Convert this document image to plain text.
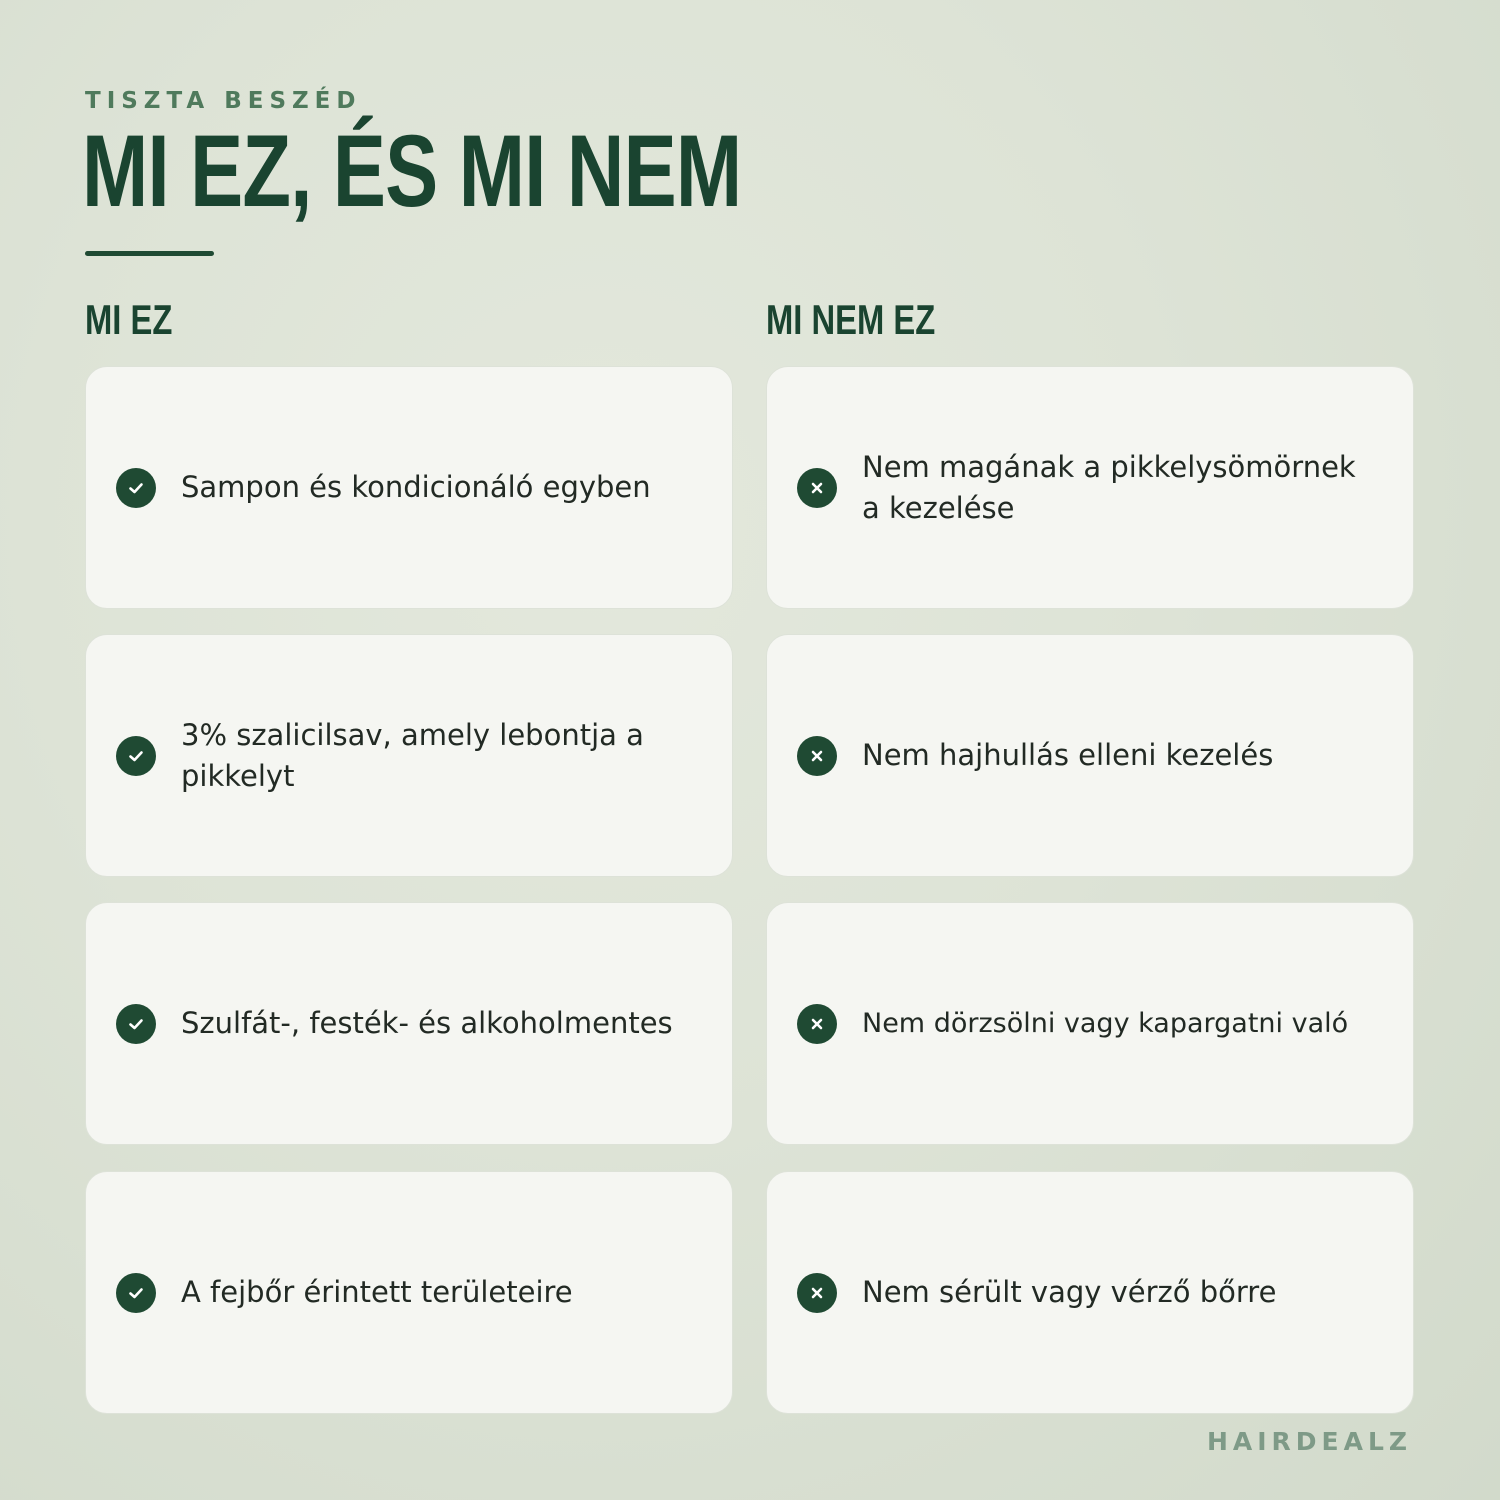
TISZTA BESZÉD
MI EZ, ÉS MI NEM
MI EZ	MI NEM EZ
Sampon és kondicionáló egyben
3% szalicilsav, amely lebontja a pikkelyt
Szulfát-, festék- és alkoholmentes
A fejbőr érintett területeire
Nem magának a pikkelysömörnek a kezelése
Nem hajhullás elleni kezelés
Nem dörzsölni vagy kapargatni való
Nem sérült vagy vérző bőrre
HAIRDEALZ
